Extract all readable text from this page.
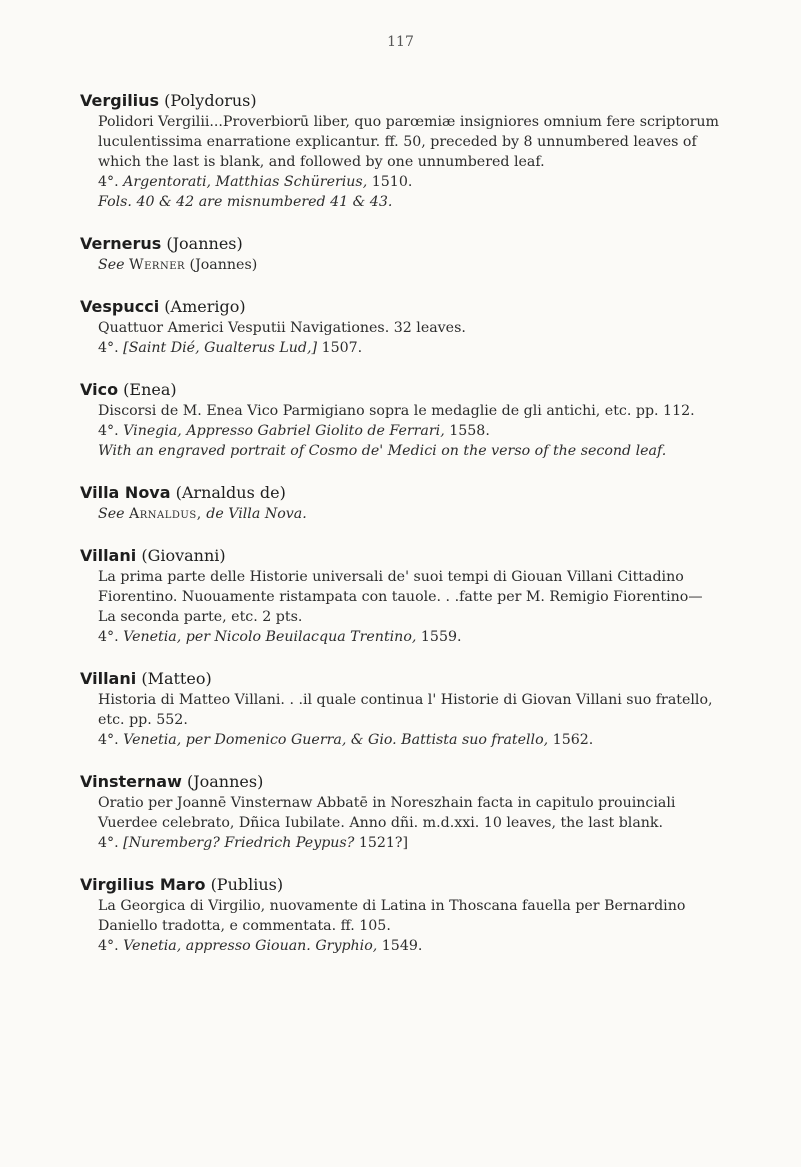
117

Vergilius (Polydorus)

Polidori Vergilii...Proverbiorū liber, quo parœmiæ insigniores omnium fere scriptorum luculentissima enarratione explicantur. ff. 50, preceded by 8 unnumbered leaves of which the last is blank, and followed by one unnumbered leaf.

4°. Argentorati, Matthias Schürerius, 1510.

Fols. 40 & 42 are misnumbered 41 & 43.

Vernerus (Joannes)

See Werner (Joannes)

Vespucci (Amerigo)

Quattuor Americi Vesputii Navigationes. 32 leaves.

4°. [Saint Dié, Gualterus Lud,] 1507.

Vico (Enea)

Discorsi de M. Enea Vico Parmigiano sopra le medaglie de gli antichi, etc. pp. 112.

4°. Vinegia, Appresso Gabriel Giolito de Ferrari, 1558.

With an engraved portrait of Cosmo de' Medici on the verso of the second leaf.

Villa Nova (Arnaldus de)

See Arnaldus, de Villa Nova.

Villani (Giovanni)

La prima parte delle Historie universali de' suoi tempi di Giouan Villani Cittadino Fiorentino. Nuouamente ristampata con tauole. . .fatte per M. Remigio Fiorentino—La seconda parte, etc. 2 pts.

4°. Venetia, per Nicolo Beuilacqua Trentino, 1559.

Villani (Matteo)

Historia di Matteo Villani. . .il quale continua l' Historie di Giovan Villani suo fratello, etc. pp. 552.

4°. Venetia, per Domenico Guerra, & Gio. Battista suo fratello, 1562.

Vinsternaw (Joannes)

Oratio per Joannē Vinsternaw Abbatē in Noreszhain facta in capitulo prouinciali Vuerdee celebrato, Dñica Iubilate. Anno dñi. m.d.xxi. 10 leaves, the last blank.

4°. [Nuremberg? Friedrich Peypus? 1521?]

Virgilius Maro (Publius)

La Georgica di Virgilio, nuovamente di Latina in Thoscana fauella per Bernardino Daniello tradotta, e commentata. ff. 105.

4°. Venetia, appresso Giouan. Gryphio, 1549.
